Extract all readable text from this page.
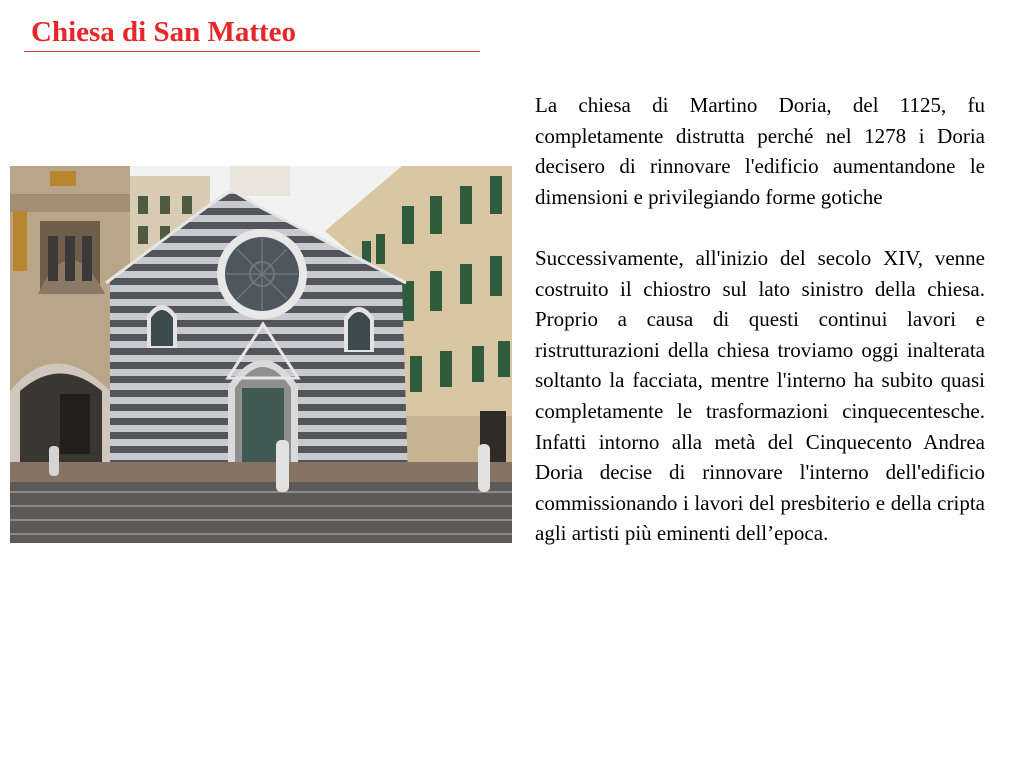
Chiesa di San Matteo

La chiesa di Martino Doria, del 1125, fu completamente distrutta perché nel 1278 i Doria decisero di rinnovare l'edificio aumentandone le dimensioni e privilegiando forme gotiche

Successivamente, all'inizio del secolo XIV, venne costruito il chiostro sul lato sinistro della chiesa. Proprio a causa di questi continui lavori e ristrutturazioni della chiesa troviamo oggi inalterata soltanto la facciata, mentre l'interno ha subito quasi completamente le trasformazioni cinquecentesche. Infatti intorno alla metà del Cinquecento Andrea Doria decise di rinnovare l'interno dell'edificio commissionando i lavori del presbiterio e della cripta agli artisti più eminenti dell’epoca.
